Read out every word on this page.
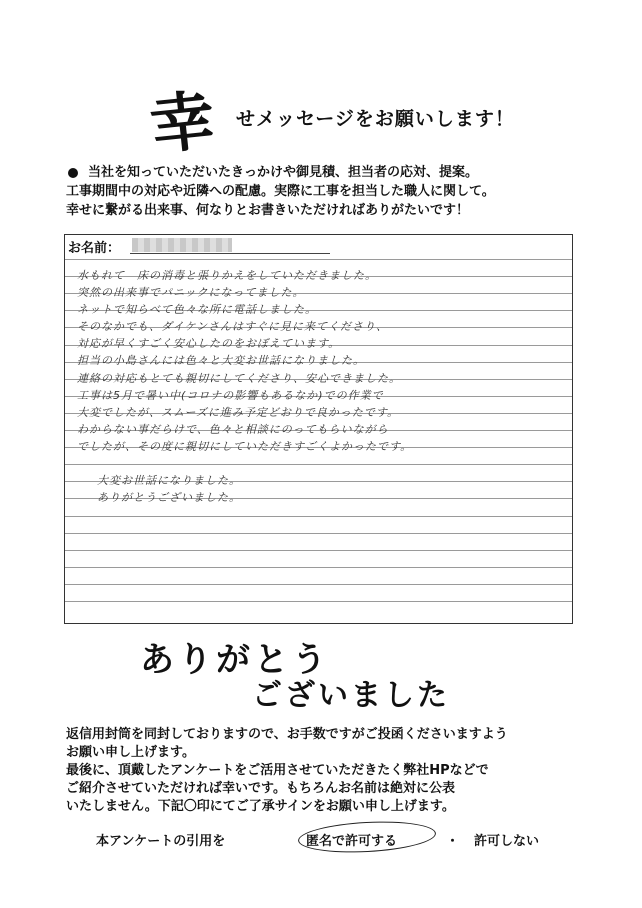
幸 せメッセージをお願いします！
当社を知っていただいたきっかけや御見積、担当者の応対、提案。
工事期間中の対応や近隣への配慮。実際に工事を担当した職人に関して。
幸せに繋がる出来事、何なりとお書きいただければありがたいです！
お名前：

水もれて　床の消毒と張りかえをしていただきました。

突然の出来事でパニックになってました。

ネットで知らべて色々な所に電話しました。

そのなかでも、ダイケンさんはすぐに見に来てくださり、

対応が早くすごく安心したのをおぼえています。

担当の小島さんには色々と大変お世話になりました。

連絡の対応もとても親切にしてくださり、安心できました。

工事は5月で暑い中(コロナの影響もあるなか)での作業で

大変でしたが、スムーズに進み予定どおりで良かったです。

わからない事だらけで、色々と相談にのってもらいながら

でしたが、その度に親切にしていただきすごくよかったです。

大変お世話になりました。

ありがとうございました。

ありがとう
ございました
返信用封筒を同封しておりますので、お手数ですがご投函くださいますよう
お願い申し上げます。
最後に、頂戴したアンケートをご活用させていただきたく弊社HPなどで
ご紹介させていただければ幸いです。もちろんお名前は絶対に公表
いたしません。下記〇印にてご了承サインをお願い申し上げます。
本アンケートの引用を	匿名で許可する	・ 許可しない
